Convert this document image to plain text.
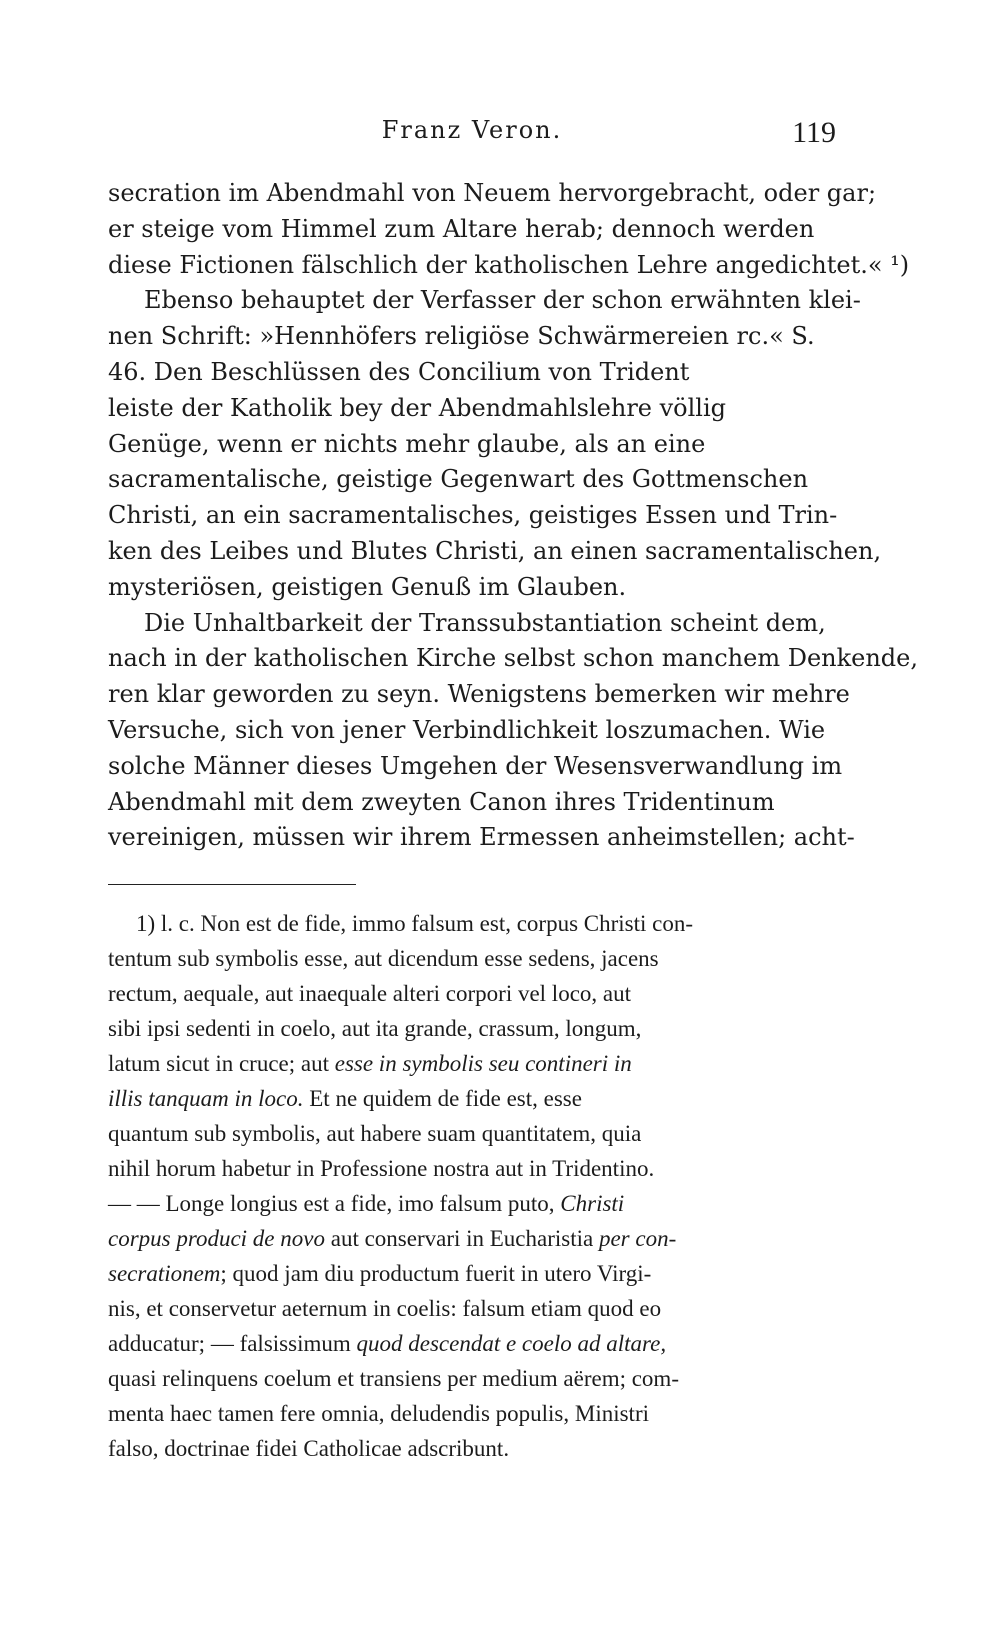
Franz Veron.	119
secration im Abendmahl von Neuem hervorgebracht, oder gar;
er steige vom Himmel zum Altare herab; dennoch werden
diese Fictionen fälschlich der katholischen Lehre angedichtet.« ¹)
Ebenso behauptet der Verfasser der schon erwähnten klei-
nen Schrift: »Hennhöfers religiöse Schwärmereien rc.« S.
46. Den Beschlüssen des Concilium von Trident
leiste der Katholik bey der Abendmahlslehre völlig
Genüge, wenn er nichts mehr glaube, als an eine
sacramentalische, geistige Gegenwart des Gottmenschen
Christi, an ein sacramentalisches, geistiges Essen und Trin-
ken des Leibes und Blutes Christi, an einen sacramentalischen,
mysteriösen, geistigen Genuß im Glauben.
Die Unhaltbarkeit der Transsubstantiation scheint dem,
nach in der katholischen Kirche selbst schon manchem Denkende,
ren klar geworden zu seyn. Wenigstens bemerken wir mehre
Versuche, sich von jener Verbindlichkeit loszumachen. Wie
solche Männer dieses Umgehen der Wesensverwandlung im
Abendmahl mit dem zweyten Canon ihres Tridentinum
vereinigen, müssen wir ihrem Ermessen anheimstellen; acht-
1) l. c. Non est de fide, immo falsum est, corpus Christi con-
tentum sub symbolis esse, aut dicendum esse sedens, jacens
rectum, aequale, aut inaequale alteri corpori vel loco, aut
sibi ipsi sedenti in coelo, aut ita grande, crassum, longum,
latum sicut in cruce; aut esse in symbolis seu contineri in
illis tanquam in loco. Et ne quidem de fide est, esse
quantum sub symbolis, aut habere suam quantitatem, quia
nihil horum habetur in Professione nostra aut in Tridentino.
— — Longe longius est a fide, imo falsum puto, Christi
corpus produci de novo aut conservari in Eucharistia per con-
secrationem; quod jam diu productum fuerit in utero Virgi-
nis, et conservetur aeternum in coelis: falsum etiam quod eo
adducatur; — falsissimum quod descendat e coelo ad altare,
quasi relinquens coelum et transiens per medium aërem; com-
menta haec tamen fere omnia, deludendis populis, Ministri
falso, doctrinae fidei Catholicae adscribunt.
